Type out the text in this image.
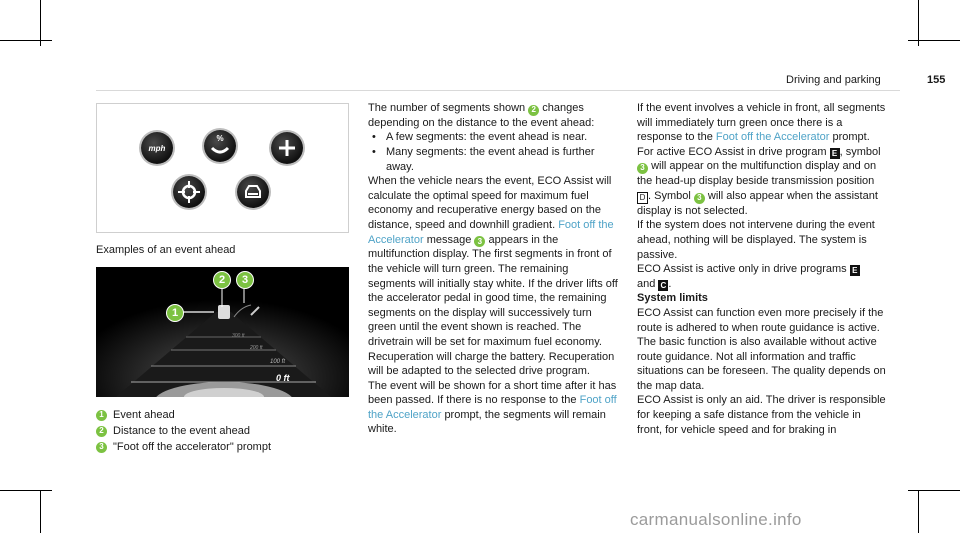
Driving and parking	155
mph
%
Examples of an event ahead
300 ft
200 ft
100 ft
0 ft
1
2	3
1 Event ahead
2 Distance to the event ahead
3 "Foot off the accelerator" prompt

The number of segments shown 2 changes depending on the distance to the event ahead:

• A few segments: the event ahead is near.
• Many segments: the event ahead is further away.

When the vehicle nears the event, ECO Assist will calculate the optimal speed for maximum fuel economy and recuperative energy based on the distance, speed and downhill gradient. Foot off the Accelerator message 3 appears in the multifunction display. The first segments in front of the vehicle will turn green. The remaining segments will initially stay white. If the driver lifts off the accelerator pedal in good time, the remaining segments on the display will successively turn green until the event shown is reached. The drivetrain will be set for maximum fuel economy. Recuperation will charge the battery. Recuperation will be adapted to the selected drive program.

The event will be shown for a short time after it has been passed. If there is no response to the Foot off the Accelerator prompt, the segments will remain white.

If the event involves a vehicle in front, all segments will immediately turn green once there is a response to the Foot off the Accelerator prompt.

For active ECO Assist in drive program E , symbol 3 will appear on the multifunction display and on the head-up display beside transmission position D . Symbol 3 will also appear when the assistant display is not selected.

If the system does not intervene during the event ahead, nothing will be displayed. The system is passive.

ECO Assist is active only in drive programs E
and C .

System limits

ECO Assist can function even more precisely if the route is adhered to when route guidance is active. The basic function is also available without active route guidance. Not all information and traffic situations can be foreseen. The quality depends on the map data.

ECO Assist is only an aid. The driver is responsible for keeping a safe distance from the vehicle in front, for vehicle speed and for braking in

carmanualsonline.info
